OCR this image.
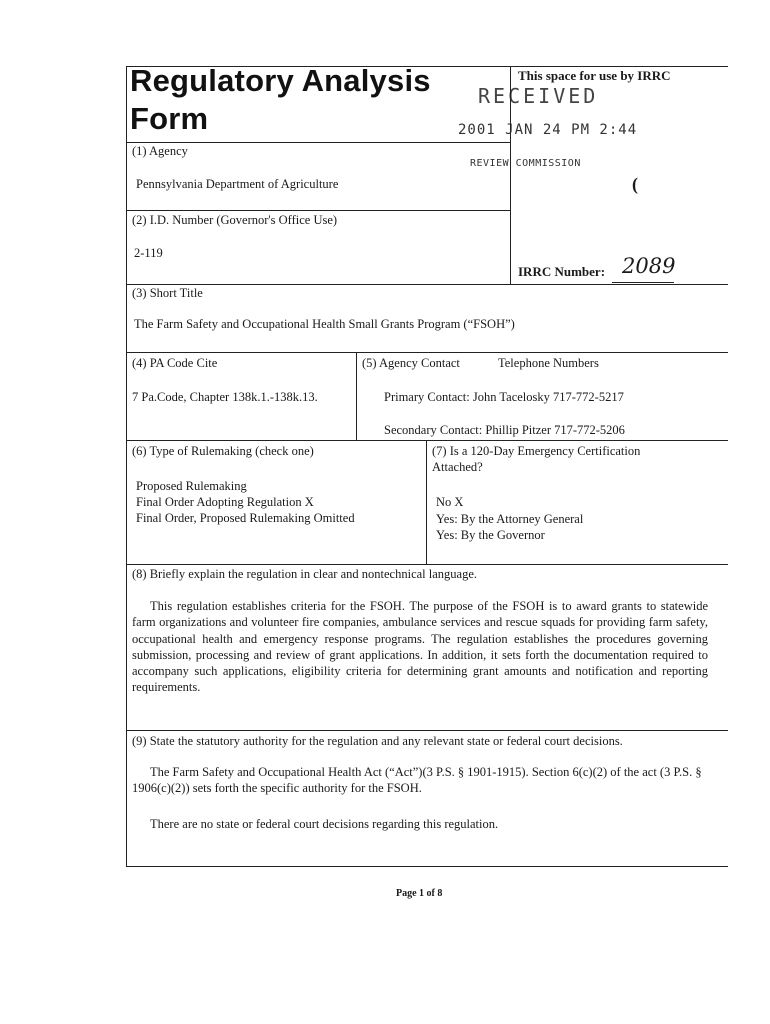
Regulatory Analysis
Form
RECEIVED
2001 JAN 24 PM 2:44
REVIEW COMMISSION
This space for use by IRRC
IRRC Number: 2089
(
(1) Agency
Pennsylvania Department of Agriculture
(2) I.D. Number (Governor's Office Use)
2-119
(3) Short Title
The Farm Safety and Occupational Health Small Grants Program (“FSOH”)
(4) PA Code Cite
7 Pa.Code, Chapter 138k.1.-138k.13.
(5) Agency Contact	Telephone Numbers
Primary Contact: John Tacelosky 717-772-5217
Secondary Contact: Phillip Pitzer 717-772-5206
(6) Type of Rulemaking (check one)
Proposed Rulemaking
Final Order Adopting Regulation X
Final Order, Proposed Rulemaking Omitted
(7) Is a 120-Day Emergency Certification
Attached?
No X
Yes: By the Attorney General
Yes: By the Governor
(8) Briefly explain the regulation in clear and nontechnical language.
This regulation establishes criteria for the FSOH. The purpose of the FSOH is to award grants to statewide farm organizations and volunteer fire companies, ambulance services and rescue squads for providing farm safety, occupational health and emergency response programs. The regulation establishes the procedures governing submission, processing and review of grant applications. In addition, it sets forth the documentation required to accompany such applications, eligibility criteria for determining grant amounts and notification and reporting requirements.
(9) State the statutory authority for the regulation and any relevant state or federal court decisions.
The Farm Safety and Occupational Health Act (“Act”)(3 P.S. § 1901-1915). Section 6(c)(2) of the act (3 P.S. § 1906(c)(2)) sets forth the specific authority for the FSOH.
There are no state or federal court decisions regarding this regulation.
Page 1 of 8
